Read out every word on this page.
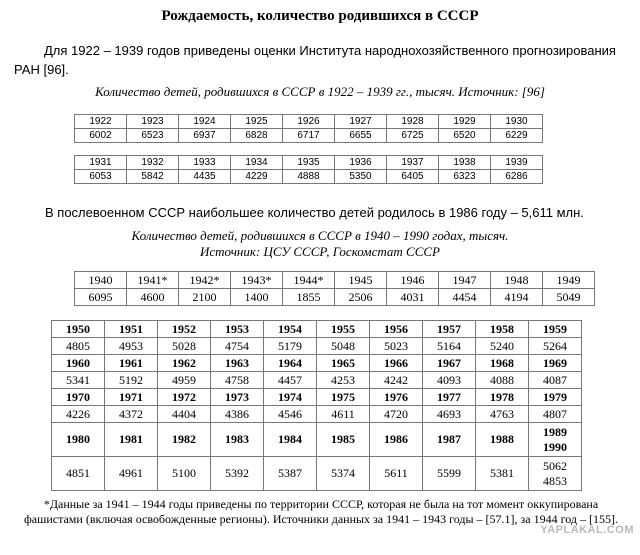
Рождаемость, количество родившихся в СССР

Для 1922 – 1939 годов приведены оценки Института народнохозяйственного прогнозирования РАН [96].

Количество детей, родившихся в СССР в 1922 – 1939 гг., тысяч. Источник: [96]

1922	1923	1924	1925	1926	1927	1928	1929	1930
6002	6523	6937	6828	6717	6655	6725	6520	6229
1931	1932	1933	1934	1935	1936	1937	1938	1939
6053	5842	4435	4229	4888	5350	6405	6323	6286

В послевоенном СССР наибольшее количество детей родилось в 1986 году – 5,611 млн.

Количество детей, родившихся в СССР в 1940 – 1990 годах, тысяч.

Источник: ЦСУ СССР, Госкомстат СССР

1940	1941*	1942*	1943*	1944*	1945	1946	1947	1948	1949
6095	4600	2100	1400	1855	2506	4031	4454	4194	5049
1950	1951	1952	1953	1954	1955	1956	1957	1958	1959
4805	4953	5028	4754	5179	5048	5023	5164	5240	5264
1960	1961	1962	1963	1964	1965	1966	1967	1968	1969
5341	5192	4959	4758	4457	4253	4242	4093	4088	4087
1970	1971	1972	1973	1974	1975	1976	1977	1978	1979
4226	4372	4404	4386	4546	4611	4720	4693	4763	4807
1980	1981	1982	1983	1984	1985	1986	1987	1988	1989
1990

4851	4961	5100	5392	5387	5374	5611	5599	5381	5062
4853

*Данные за 1941 – 1944 годы приведены по территории СССР, которая не была на тот момент оккупирована фашистами (включая освобожденные регионы). Источники данных за 1941 – 1943 годы – [57.1], за 1944 год – [155].

YAPLAKAL.COM
